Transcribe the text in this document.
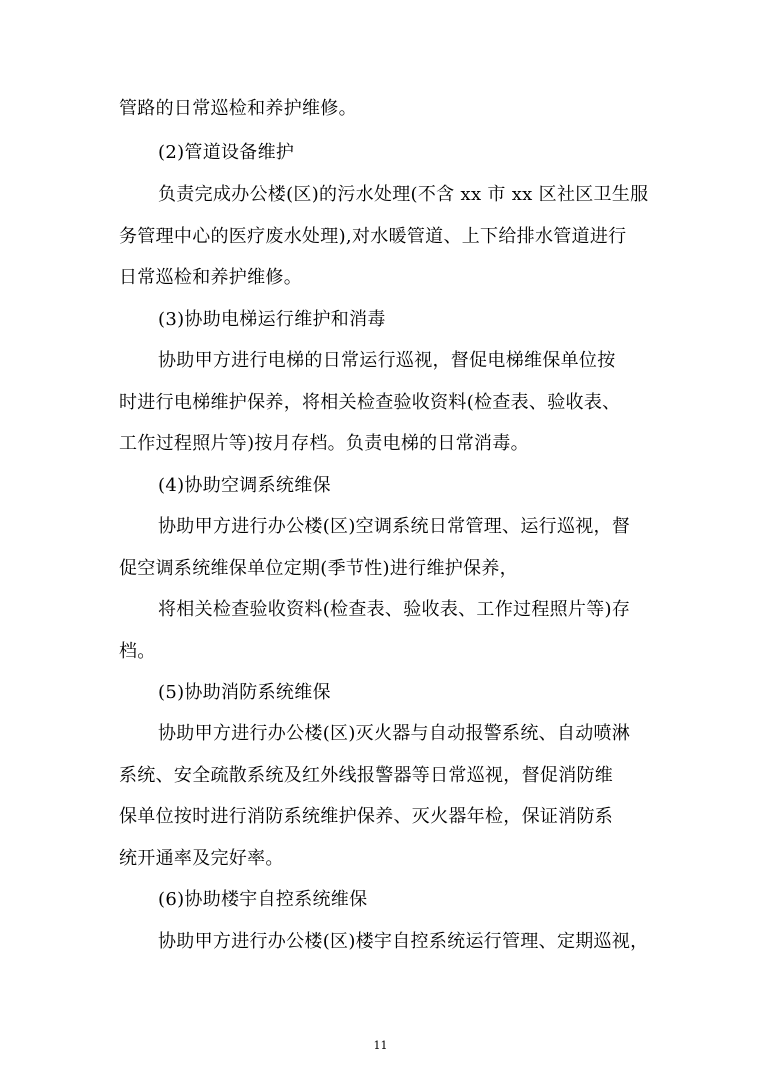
管路的日常巡检和养护维修。
(2)管道设备维护
负责完成办公楼(区)的污水处理(不含 xx 市 xx 区社区卫生服
务管理中心的医疗废水处理),对水暖管道、上下给排水管道进行
日常巡检和养护维修。
(3)协助电梯运行维护和消毒
协助甲方进行电梯的日常运行巡视，督促电梯维保单位按
时进行电梯维护保养，将相关检查验收资料(检查表、验收表、
工作过程照片等)按月存档。负责电梯的日常消毒。
(4)协助空调系统维保
协助甲方进行办公楼(区)空调系统日常管理、运行巡视，督
促空调系统维保单位定期(季节性)进行维护保养，
将相关检查验收资料(检查表、验收表、工作过程照片等)存
档。
(5)协助消防系统维保
协助甲方进行办公楼(区)灭火器与自动报警系统、自动喷淋
系统、安全疏散系统及红外线报警器等日常巡视，督促消防维
保单位按时进行消防系统维护保养、灭火器年检，保证消防系
统开通率及完好率。
(6)协助楼宇自控系统维保
协助甲方进行办公楼(区)楼宇自控系统运行管理、定期巡视，
11
